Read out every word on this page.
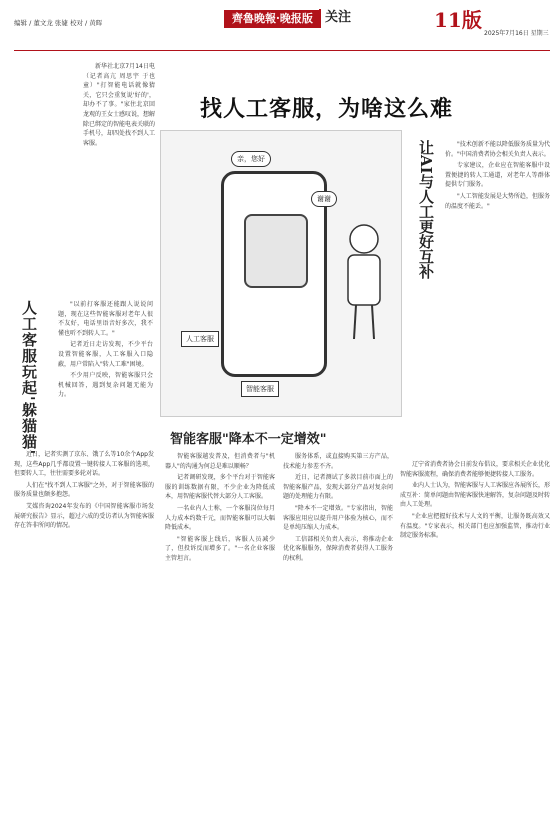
编辑 / 董文龙 张婕 校对 / 黄晖	齊魯晚報·晚报版 关注	11版
2025年7月16日 星期三
找人工客服，为啥这么难

新华社北京7月14日电（记者高亢 周思宇 于也童）"打智能电话就像猜关，它只会重复说'好的'，却办不了事。"家住北京回龙观的王女士感叹说，想解除已绑定的智能电表关联的手机号，却四处找不到人工客服。

亲，您好
谢谢
智能客服
人工客服
人工客服玩起'躲猫猫'	"以前打客服还能跟人说说问题，现在这些智能客服对老年人很不友好，电话里语音好多次，我不懂也听不到转人工。"

记者近日走访发现，不少平台设置智能客服，人工客服入口隐蔽，用户常陷入"转人工难"困境。

不少用户反映，智能客服只会机械回答，遇到复杂问题无能为力。

近日，记者实测了京东、饿了么等10余个App发现，这些App几乎都设置一键转接人工客服的选项，但要转人工，往往需要多轮对话。

人们在"找不到人工客服"之外，对于智能客服的服务质量也颇多抱怨。

艾媒咨询2024年发布的《中国智能客服市场发展研究报告》显示，超过六成的受访者认为智能客服存在答非所问的情况。

智能客服"降本不一定增效"

智能客服越发普及，但消费者与"机器人"的沟通为何总是难以顺畅？

记者调研发现，多个平台对于智能客服的训练数据有限，不少企业为降低成本，用智能客服代替大部分人工客服。

一名业内人士称，一个客服岗位每月人力成本约数千元，而智能客服可以大幅降低成本。

"智能客服上线后，客服人员减少了，但投诉反而增多了。"一名企业客服主管坦言。

服务体系，或直接购买第三方产品，技术能力参差不齐。

近日，记者测试了多款目前市面上的智能客服产品，发现大部分产品对复杂问题的处理能力有限。

"降本不一定增效。"专家指出，智能客服应用应以提升用户体验为核心，而不是单纯压缩人力成本。

工信部相关负责人表示，将推动企业优化客服服务，保障消费者获得人工服务的权利。

让AI与人工更好互补	"技术创新不能以降低服务质量为代价。"中国消费者协会相关负责人表示。

专家建议，企业应在智能客服中设置便捷的转人工通道，对老年人等群体提供专门服务。

"人工智能发展是大势所趋，但服务的温度不能丢。"

辽宁省消费者协会日前发布倡议，要求相关企业优化智能客服流程，确保消费者能够便捷转接人工服务。

业内人士认为，智能客服与人工客服应各展所长，形成互补：简单问题由智能客服快速解答，复杂问题及时转由人工处理。

"企业应把握好技术与人文的平衡，让服务既高效又有温度。"专家表示，相关部门也应加强监管，推动行业制定服务标准。
